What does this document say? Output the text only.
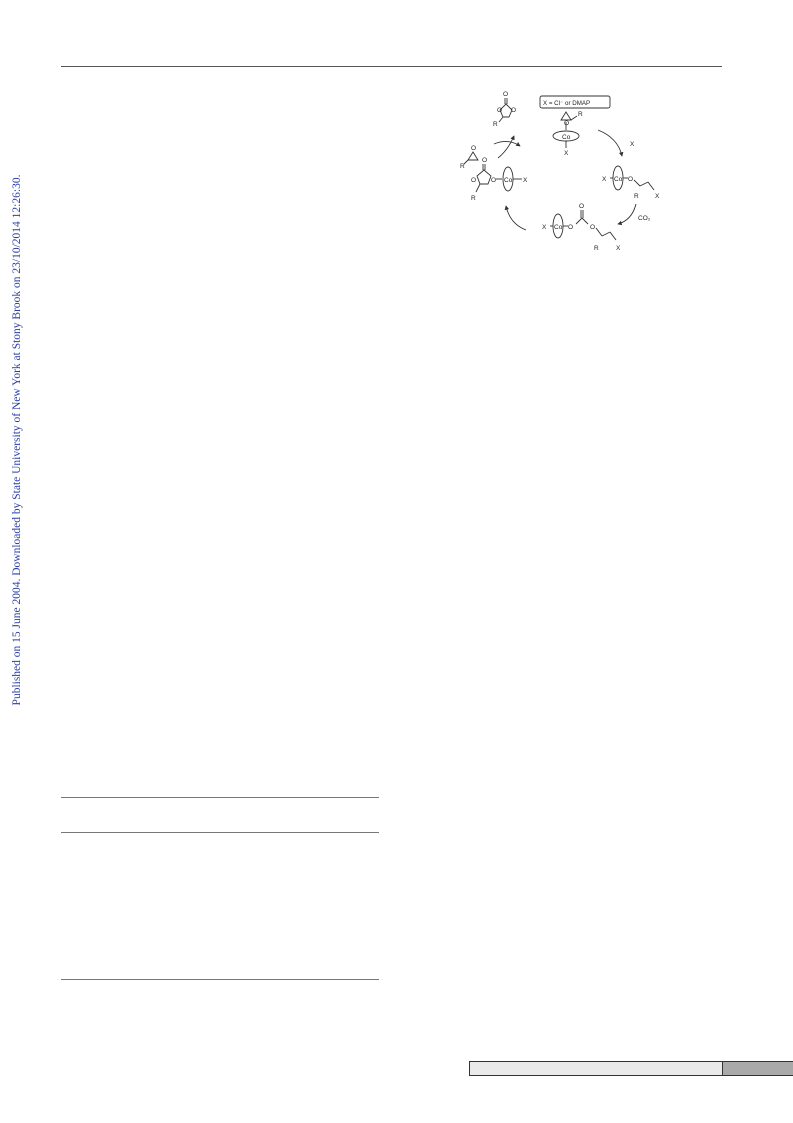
Published on 15 June 2004. Downloaded by State University of New York at Stony Brook on 23/10/2014 12:26:30.
O
O O
R
X = Cl⁻ or DMAP
O
R
R
O
Co
X
X
X Co O
R	X
CO₂
X Co O
O
O
R	X
O
O O
R
Co X
